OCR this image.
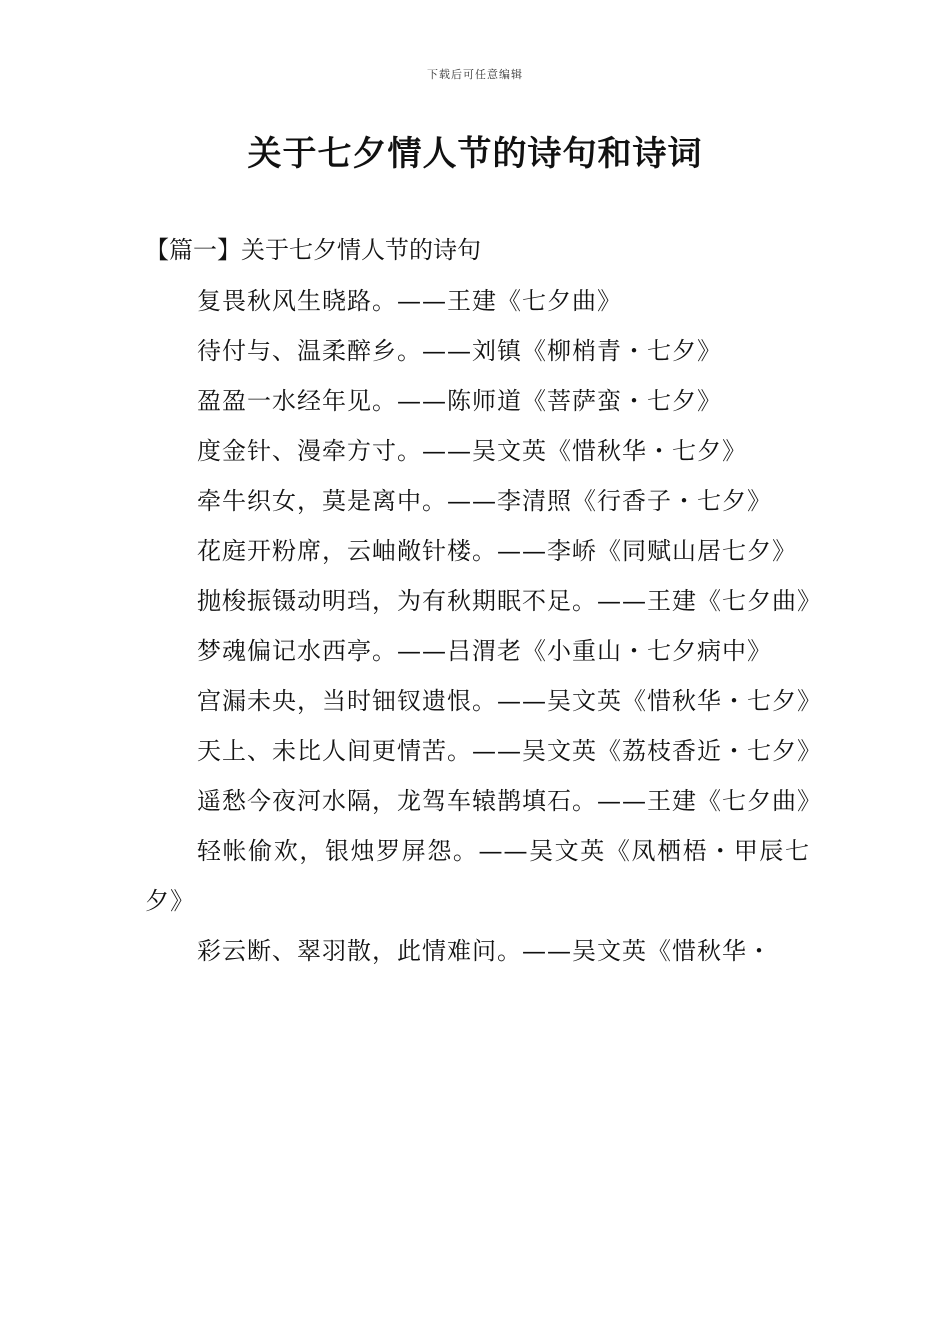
下载后可任意编辑
关于七夕情人节的诗句和诗词
【篇一】关于七夕情人节的诗句
复畏秋风生晓路。——王建《七夕曲》
待付与、温柔醉乡。——刘镇《柳梢青・七夕》
盈盈一水经年见。——陈师道《菩萨蛮・七夕》
度金针、漫牵方寸。——吴文英《惜秋华・七夕》
牵牛织女，莫是离中。——李清照《行香子・七夕》
花庭开粉席，云岫敞针楼。——李峤《同赋山居七夕》
抛梭振镊动明珰，为有秋期眠不足。——王建《七夕曲》
梦魂偏记水西亭。——吕渭老《小重山・七夕病中》
宫漏未央，当时钿钗遗恨。——吴文英《惜秋华・七夕》
天上、未比人间更情苦。——吴文英《荔枝香近・七夕》
遥愁今夜河水隔，龙驾车辕鹊填石。——王建《七夕曲》
轻帐偷欢，银烛罗屏怨。——吴文英《凤栖梧・甲辰七夕》
彩云断、翠羽散，此情难问。——吴文英《惜秋华・
